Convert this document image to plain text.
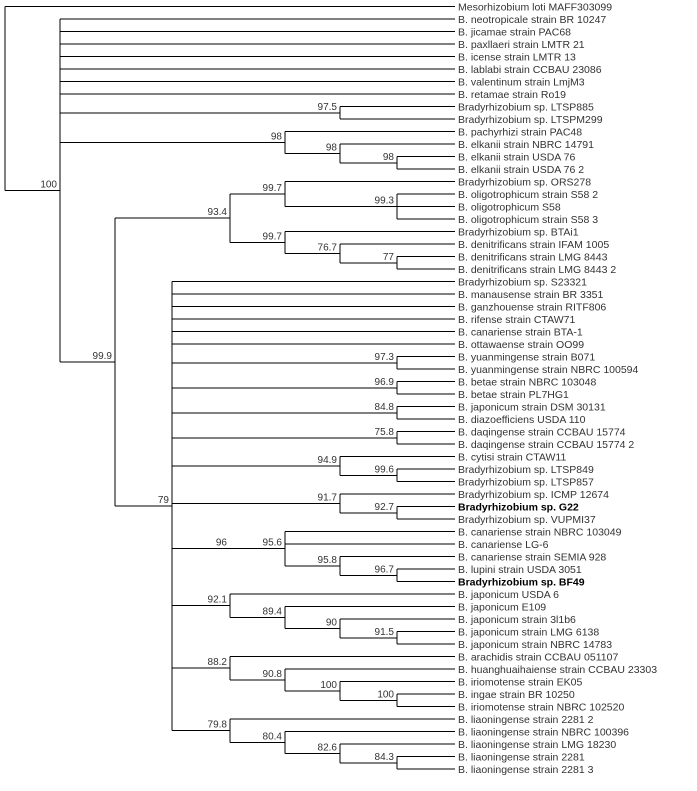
Mesorhizobium loti MAFF303099
100
B. neotropicale strain BR 10247
B. jicamae strain PAC68
B. paxllaeri strain LMTR 21
B. icense strain LMTR 13
B. lablabi strain CCBAU 23086
B. valentinum strain LmjM3
B. retamae strain Ro19
97.5	Bradyrhizobium sp. LTSP885
Bradyrhizobium sp. LTSPM299
98	B. pachyrhizi strain PAC48
98	B. elkanii strain NBRC 14791
98	B. elkanii strain USDA 76
B. elkanii strain USDA 76 2
99.9
93.4
99.7
Bradyrhizobium sp. ORS278
99.3
B. oligotrophicum strain S58 2
B. oligotrophicum S58
B. oligotrophicum strain S58 3
99.7	Bradyrhizobium sp. BTAi1
76.7	B. denitrificans strain IFAM 1005
77	B. denitrificans strain LMG 8443
B. denitrificans strain LMG 8443 2
79
Bradyrhizobium sp. S23321
B. manausense strain BR 3351
B. ganzhouense strain RITF806
B. rifense strain CTAW71
B. canariense strain BTA-1
B. ottawaense strain OO99
97.3	B. yuanmingense strain B071
B. yuanmingense strain NBRC 100594
96.9	B. betae strain NBRC 103048
B. betae strain PL7HG1
84.8	B. japonicum strain DSM 30131
B. diazoefficiens USDA 110
75.8	B. daqingense strain CCBAU 15774
B. daqingense strain CCBAU 15774 2
94.9	B. cytisi strain CTAW11
99.6	Bradyrhizobium sp. LTSP849
Bradyrhizobium sp. LTSP857
91.7	Bradyrhizobium sp. ICMP 12674
92.7	Bradyrhizobium sp. G22
Bradyrhizobium sp. VUPMI37
96	95.6
B. canariense strain NBRC 103049
B. canariense LG-6
95.8	B. canariense strain SEMIA 928
96.7	B. lupini strain USDA 3051
Bradyrhizobium sp. BF49
92.1	B. japonicum USDA 6
89.4	B. japonicum E109
90	B. japonicum strain 3l1b6
91.5	B. japonicum strain LMG 6138
B. japonicum strain NBRC 14783
88.2	B. arachidis strain CCBAU 051107
90.8	B. huanghuaihaiense strain CCBAU 23303
100	B. iriomotense strain EK05
100	B. ingae strain BR 10250
B. iriomotense strain NBRC 102520
79.8	B. liaoningense strain 2281 2
80.4	B. liaoningense strain NBRC 100396
82.6	B. liaoningense strain LMG 18230
84.3	B. liaoningense strain 2281
B. liaoningense strain 2281 3
